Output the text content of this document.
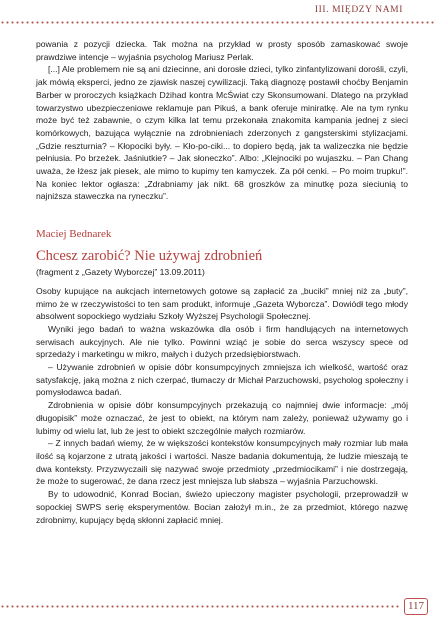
III. MIĘDZY NAMI

powania z pozycji dziecka. Tak można na przykład w prosty sposób zamaskować swoje prawdziwe intencje – wyjaśnia psycholog Mariusz Perlak.

[...] Ale problemem nie są ani dziecinne, ani dorosłe dzieci, tylko zinfantylizowani dorośli, czyli, jak mówią eksperci, jedno ze zjawisk naszej cywilizacji. Taką diagnozę postawił choćby Benjamin Barber w proroczych książkach Dżihad kontra McŚwiat czy Skonsumowani. Dlatego na przykład towarzystwo ubezpieczeniowe reklamuje pan Pikuś, a bank oferuje miniratkę. Ale na tym rynku może być też zabawnie, o czym kilka lat temu przekonała znakomita kampania jednej z sieci komórkowych, bazująca wyłącznie na zdrobnieniach zderzonych z gangsterskimi stylizacjami. „Gdzie reszturnia? – Kłopociki były. – Kło-po-ciki... to dopiero będą, jak ta walizeczka nie będzie pełniusia. Po brzeżek. Jaśniutkie? – Jak słoneczko”. Albo: „Klejnociki po wujaszku. – Pan Chang uważa, że łżesz jak piesek, ale mimo to kupimy ten kamyczek. Za pół cenki. – Po moim trupku!”. Na koniec lektor ogłasza: „Zdrabniamy jak nikt. 68 groszków za minutkę poza sieciunią to najniższa staweczka na ryneczku”.

Maciej Bednarek

Chcesz zarobić? Nie używaj zdrobnień

(fragment z „Gazety Wyborczej” 13.09.2011)

Osoby kupujące na aukcjach internetowych gotowe są zapłacić za „buciki” mniej niż za „buty”, mimo że w rzeczywistości to ten sam produkt, informuje „Gazeta Wyborcza”. Dowiódł tego młody absolwent sopockiego wydziału Szkoły Wyższej Psychologii Społecznej.

Wyniki jego badań to ważna wskazówka dla osób i firm handlujących na internetowych serwisach aukcyjnych. Ale nie tylko. Powinni wziąć je sobie do serca wszyscy specе od sprzedaży i marketingu w mikro, małych i dużych przedsiębiorstwach.

– Używanie zdrobnień w opisie dóbr konsumpcyjnych zmniejsza ich wielkość, wartość oraz satysfakcję, jaką można z nich czerpać, tłumaczy dr Michał Parzuchowski, psycholog społeczny i pomysłodawca badań.

Zdrobnienia w opisie dóbr konsumpcyjnych przekazują co najmniej dwie informacje: „mój długopisik” może oznaczać, że jest to obiekt, na którym nam zależy, ponieważ używamy go i lubimy od wielu lat, lub że jest to obiekt szczególnie małych rozmiarów.

– Z innych badań wiemy, że w większości kontekstów konsumpcyjnych mały rozmiar lub mała ilość są kojarzone z utratą jakości i wartości. Nasze badania dokumentują, że ludzie mieszają te dwa konteksty. Przyzwyczaili się nazywać swoje przedmioty „przedmiocikami” i nie dostrzegają, że może to sugerować, że dana rzecz jest mniejsza lub słabsza – wyjaśnia Parzuchowski.

By to udowodnić, Konrad Bocian, świeżo upieczony magister psychologii, przeprowadził w sopockiej SWPS serię eksperymentów. Bocian założył m.in., że za przedmiot, którego nazwę zdrobnimy, kupujący będą skłonni zapłacić mniej.

117
